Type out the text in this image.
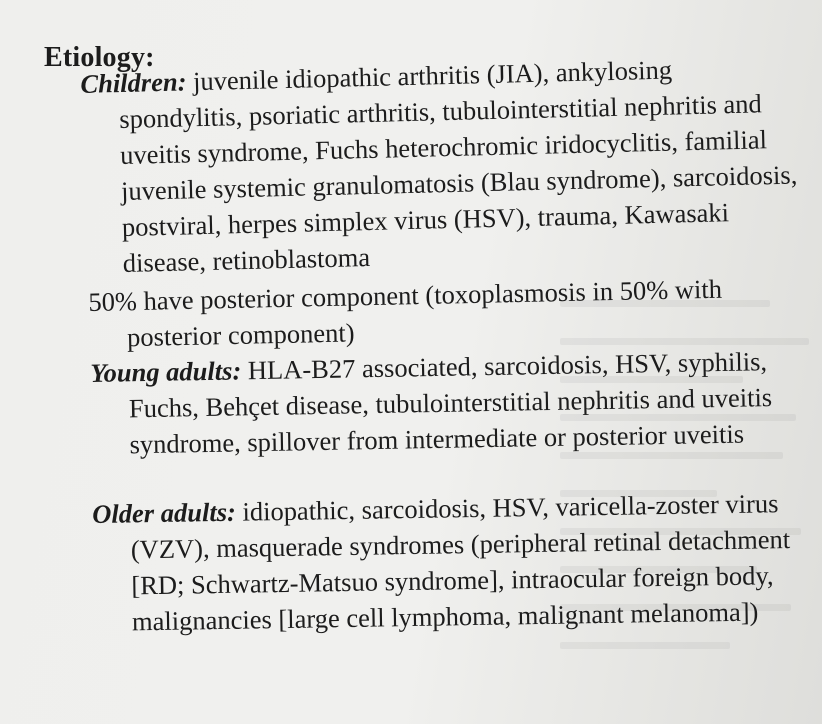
Etiology:
Children: juvenile idiopathic arthritis (JIA), ankylosing spondylitis, psoriatic arthritis, tubulointerstitial nephritis and uveitis syndrome, Fuchs heterochromic iridocyclitis, familial juvenile systemic granulomatosis (Blau syndrome), sarcoidosis, postviral, herpes simplex virus (HSV), trauma, Kawasaki disease, retinoblastoma
50% have posterior component (toxoplasmosis in 50% with posterior component)
Young adults: HLA-B27 associated, sarcoidosis, HSV, syphilis, Fuchs, Behçet disease, tubulointerstitial nephritis and uveitis syndrome, spillover from intermediate or posterior uveitis
Older adults: idiopathic, sarcoidosis, HSV, varicella-zoster virus (VZV), masquerade syndromes (peripheral retinal detachment [RD; Schwartz-Matsuo syndrome], intraocular foreign body, malignancies [large cell lymphoma, malignant melanoma])
